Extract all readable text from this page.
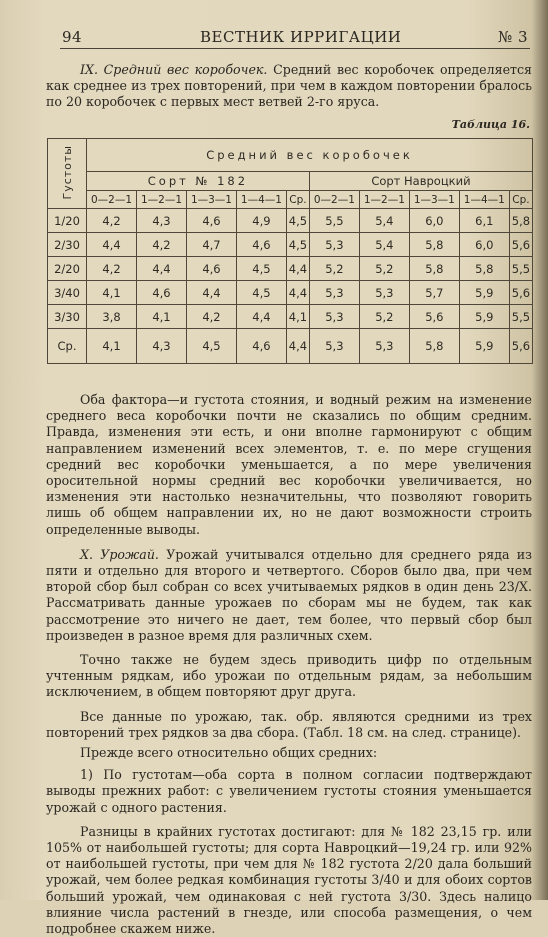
94	ВЕСТНИК ИРРИГАЦИИ	№ 3

IX. Средний вес коробочек. Средний вес коробочек определяется как среднее из трех повторений, при чем в каждом повторении бралось по 20 коробочек с первых мест ветвей 2-го яруса.

Таблица 16.
Густоты	Средний вес коробочек									
	Сорт № 182					Сорт Навроцкий				
	0—2—1	1—2—1	1—3—1	1—4—1	Ср.	0—2—1	1—2—1	1—3—1	1—4—1	Ср.
1/20	4,2	4,3	4,6	4,9	4,5	5,5	5,4	6,0	6,1	5,8
2/30	4,4	4,2	4,7	4,6	4,5	5,3	5,4	5,8	6,0	5,6
2/20	4,2	4,4	4,6	4,5	4,4	5,2	5,2	5,8	5,8	5,5
3/40	4,1	4,6	4,4	4,5	4,4	5,3	5,3	5,7	5,9	5,6
3/30	3,8	4,1	4,2	4,4	4,1	5,3	5,2	5,6	5,9	5,5
Ср.	4,1	4,3	4,5	4,6	4,4	5,3	5,3	5,8	5,9	5,6

Оба фактора—и густота стояния, и водный режим на изменение среднего веса коробочки почти не сказались по общим средним. Правда, изменения эти есть, и они вполне гармонируют с общим направлением изменений всех элементов, т. е. по мере сгущения средний вес коробочки уменьшается, а по мере увеличения оросительной нормы средний вес коробочки увеличивается, но изменения эти настолько незначительны, что позволяют говорить лишь об общем направлении их, но не дают возможности строить определенные выводы.

X. Урожай. Урожай учитывался отдельно для среднего ряда из пяти и отдельно для второго и четвертого. Сборов было два, при чем второй сбор был собран со всех учитываемых рядков в один день 23/X. Рассматривать данные урожаев по сборам мы не будем, так как рассмотрение это ничего не дает, тем более, что первый сбор был произведен в разное время для различных схем.

Точно также не будем здесь приводить цифр по отдельным учтенным рядкам, ибо урожаи по отдельным рядам, за небольшим исключением, в общем повторяют друг друга.

Все данные по урожаю, так. обр. являются средними из трех повторений трех рядков за два сбора. (Табл. 18 см. на след. странице).

Прежде всего относительно общих средних:

1) По густотам—оба сорта в полном согласии подтверждают выводы прежних работ: с увеличением густоты стояния уменьшается урожай с одного растения.

Разницы в крайних густотах достигают: для № 182 23,15 гр. или 105% от наибольшей густоты; для сорта Навроцкий—19,24 гр. или 92% от наибольшей густоты, при чем для № 182 густота 2/20 дала больший урожай, чем более редкая комбинация густоты 3/40 и для обоих сортов больший урожай, чем одинаковая с ней густота 3/30. Здесь налицо влияние числа растений в гнезде, или способа размещения, о чем подробнее скажем ниже.
